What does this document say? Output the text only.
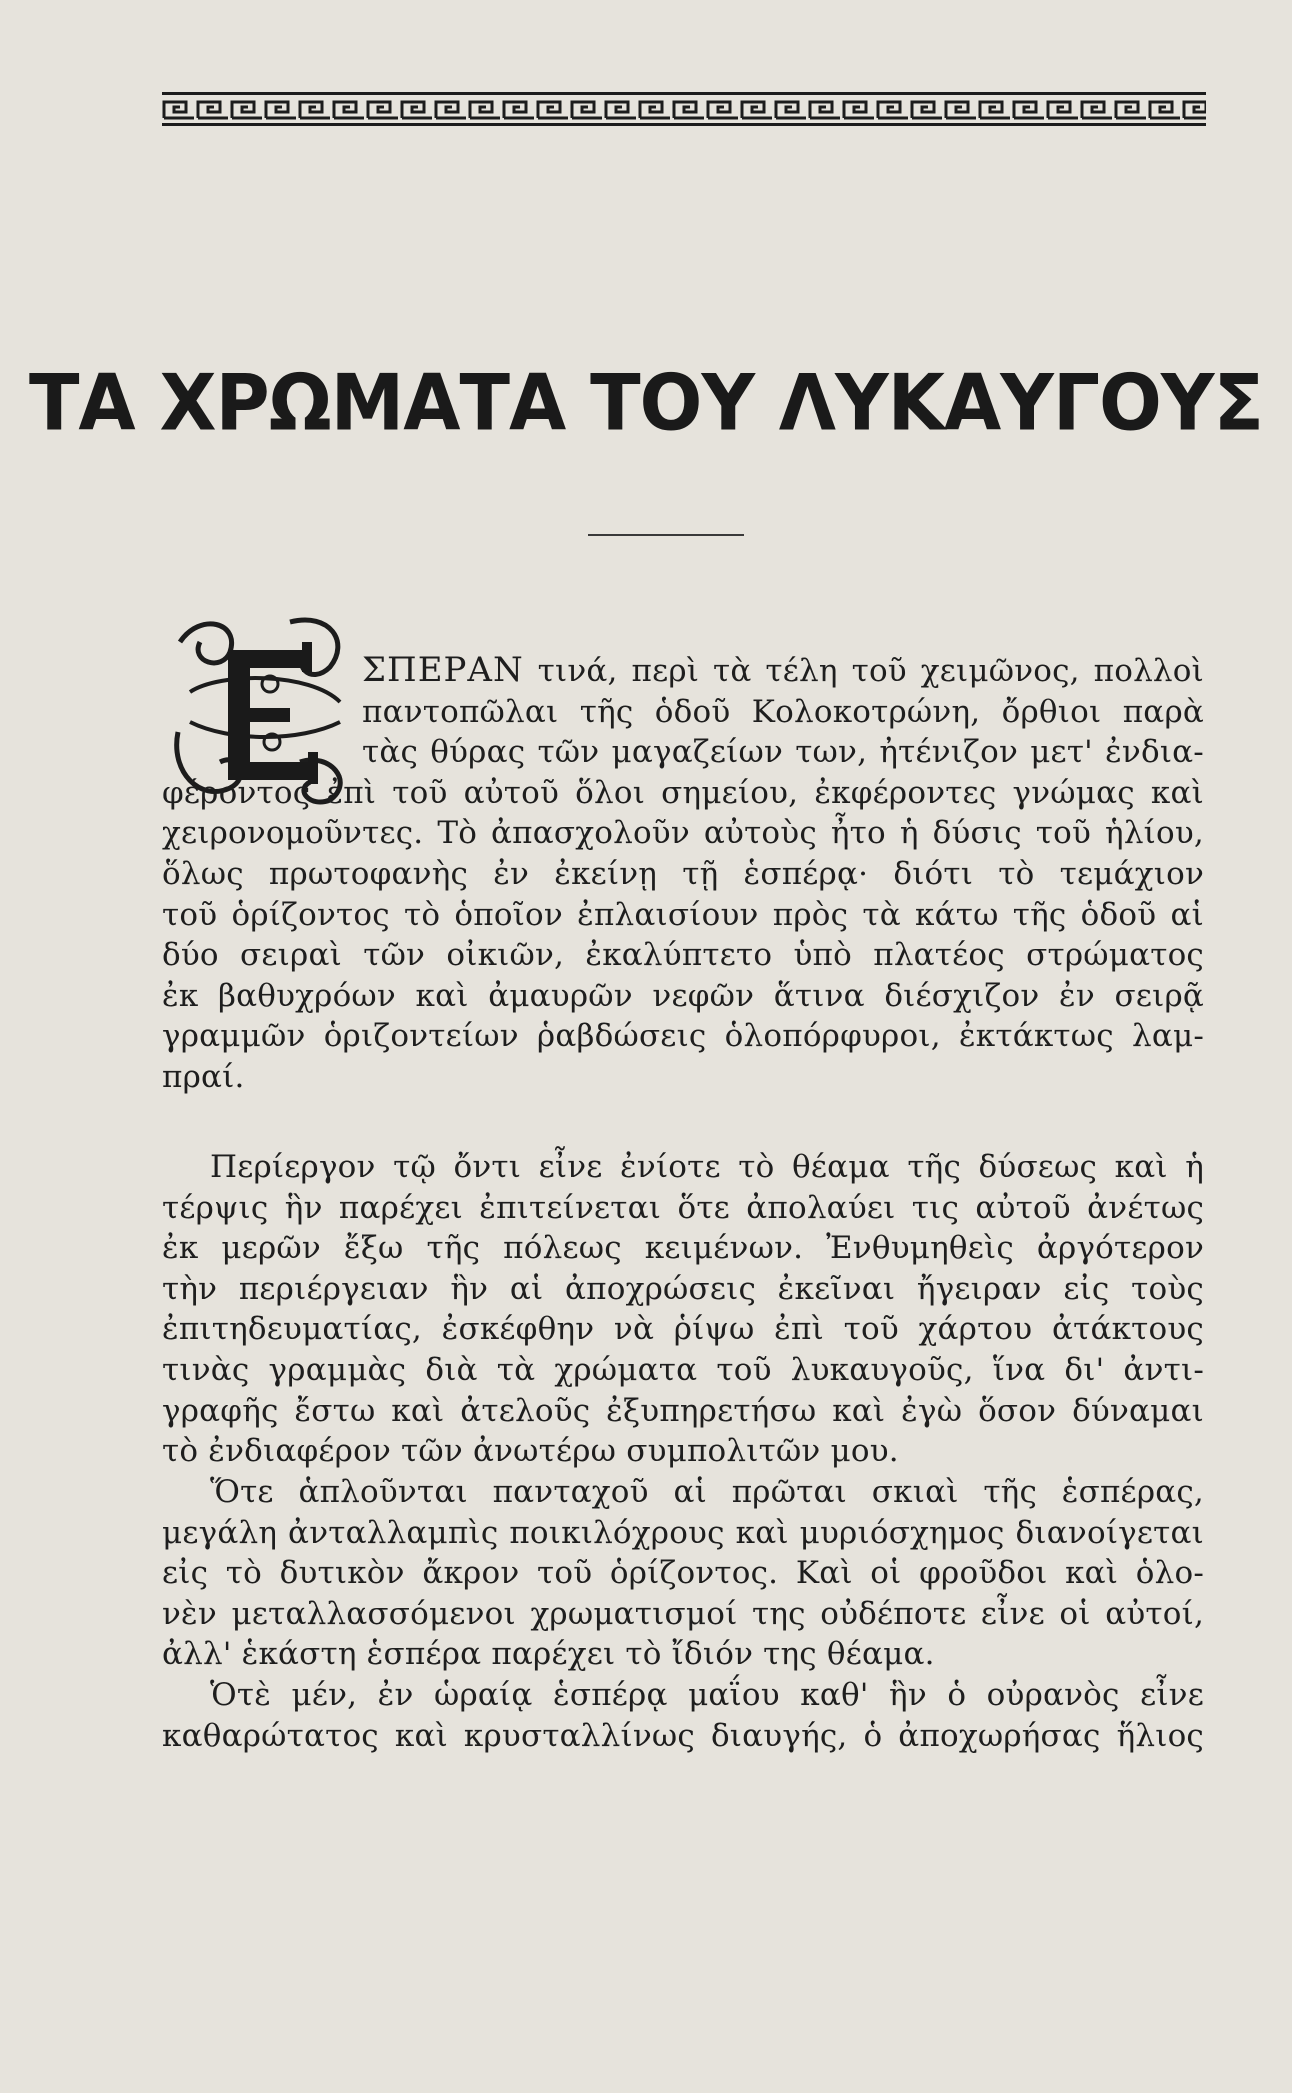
ΤΑ ΧΡΩΜΑΤΑ ΤΟΥ ΛΥΚΑΥΓΟΥΣ
ΣΠΕΡΑΝ τινά, περὶ τὰ τέλη τοῦ χειμῶνος, πολλοὶ
παντοπῶλαι τῆς ὁδοῦ Κολοκοτρώνη, ὄρθιοι παρὰ
τὰς θύρας τῶν μαγαζείων των, ἠτένιζον μετ' ἐνδια-
φέροντος ἐπὶ τοῦ αὐτοῦ ὅλοι σημείου, ἐκφέροντες γνώμας καὶ
χειρονομοῦντες. Τὸ ἀπασχολοῦν αὐτοὺς ἦτο ἡ δύσις τοῦ ἡλίου,
ὅλως πρωτοφανὴς ἐν ἐκείνῃ τῇ ἑσπέρᾳ· διότι τὸ τεμάχιον
τοῦ ὁρίζοντος τὸ ὁποῖον ἐπλαισίουν πρὸς τὰ κάτω τῆς ὁδοῦ αἱ
δύο σειραὶ τῶν οἰκιῶν, ἐκαλύπτετο ὑπὸ πλατέος στρώματος
ἐκ βαθυχρόων καὶ ἀμαυρῶν νεφῶν ἅτινα διέσχιζον ἐν σειρᾷ
γραμμῶν ὁριζοντείων ῥαβδώσεις ὁλοπόρφυροι, ἐκτάκτως λαμ-
πραί.
Περίεργον τῷ ὄντι εἶνε ἐνίοτε τὸ θέαμα τῆς δύσεως καὶ ἡ
τέρψις ἣν παρέχει ἐπιτείνεται ὅτε ἀπολαύει τις αὐτοῦ ἀνέτως
ἐκ μερῶν ἔξω τῆς πόλεως κειμένων. Ἐνθυμηθεὶς ἀργότερον
τὴν περιέργειαν ἣν αἱ ἀποχρώσεις ἐκεῖναι ἤγειραν εἰς τοὺς
ἐπιτηδευματίας, ἐσκέφθην νὰ ῥίψω ἐπὶ τοῦ χάρτου ἀτάκτους
τινὰς γραμμὰς διὰ τὰ χρώματα τοῦ λυκαυγοῦς, ἵνα δι' ἀντι-
γραφῆς ἔστω καὶ ἀτελοῦς ἐξυπηρετήσω καὶ ἐγὼ ὅσον δύναμαι
τὸ ἐνδιαφέρον τῶν ἀνωτέρω συμπολιτῶν μου.
Ὅτε ἁπλοῦνται πανταχοῦ αἱ πρῶται σκιαὶ τῆς ἑσπέρας,
μεγάλη ἀνταλλαμπὶς ποικιλόχρους καὶ μυριόσχημος διανοίγεται
εἰς τὸ δυτικὸν ἄκρον τοῦ ὁρίζοντος. Καὶ οἱ φροῦδοι καὶ ὁλο-
νὲν μεταλλασσόμενοι χρωματισμοί της οὐδέποτε εἶνε οἱ αὐτοί,
ἀλλ' ἑκάστη ἑσπέρα παρέχει τὸ ἴδιόν της θέαμα.
Ὁτὲ μέν, ἐν ὡραίᾳ ἑσπέρᾳ μαΐου καθ' ἣν ὁ οὐρανὸς εἶνε
καθαρώτατος καὶ κρυσταλλίνως διαυγής, ὁ ἀποχωρήσας ἥλιος
